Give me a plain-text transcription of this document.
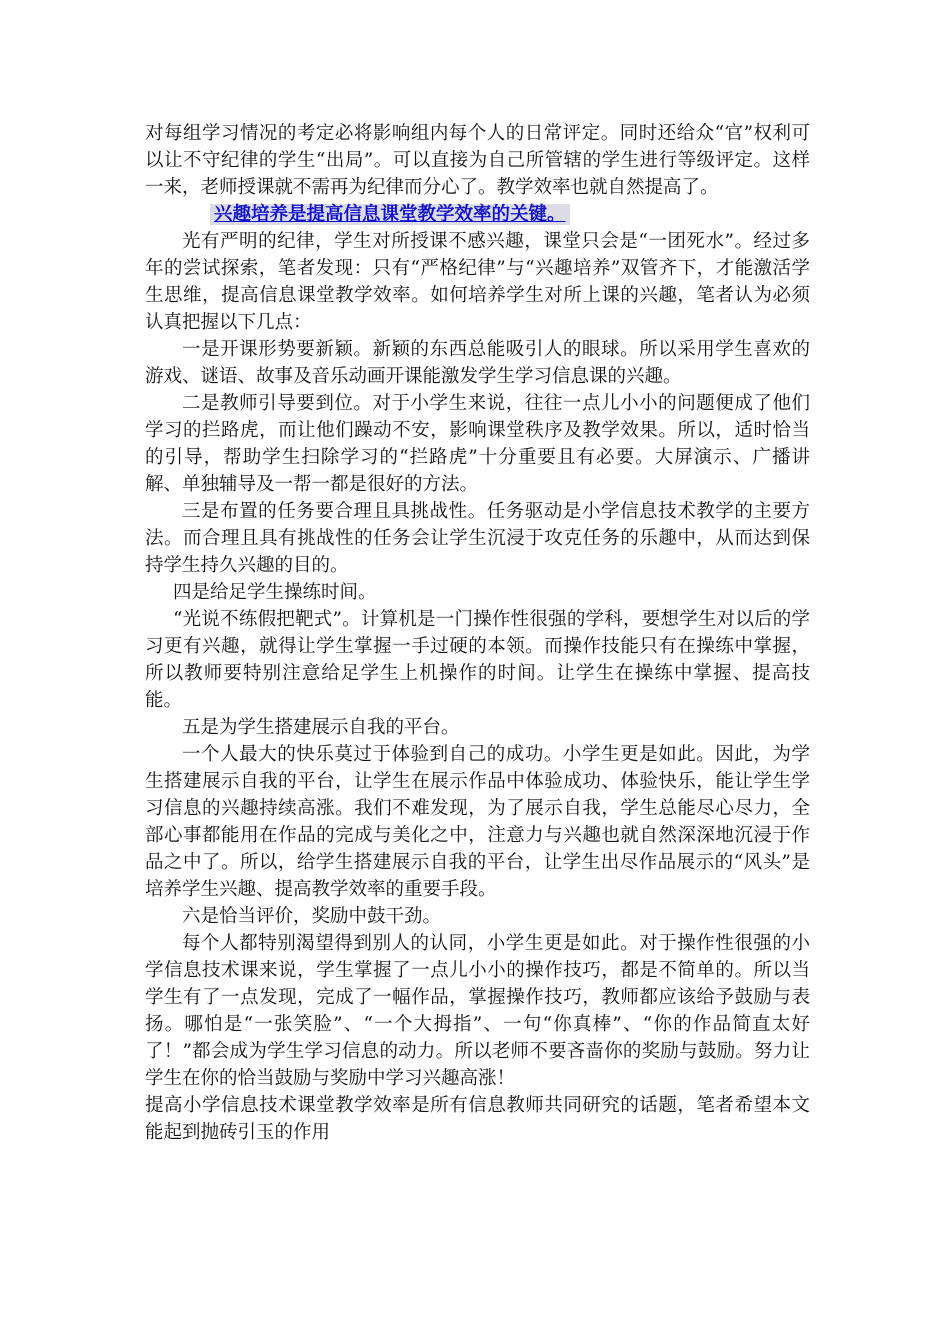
对每组学习情况的考定必将影响组内每个人的日常评定。同时还给众“官”权利可以让不守纪律的学生“出局”。可以直接为自己所管辖的学生进行等级评定。这样一来，老师授课就不需再为纪律而分心了。教学效率也就自然提高了。

兴趣培养是提高信息课堂教学效率的关键。

光有严明的纪律，学生对所授课不感兴趣，课堂只会是“一团死水”。经过多年的尝试探索，笔者发现：只有“严格纪律”与“兴趣培养”双管齐下，才能激活学生思维，提高信息课堂教学效率。如何培养学生对所上课的兴趣，笔者认为必须认真把握以下几点：

一是开课形势要新颖。新颖的东西总能吸引人的眼球。所以采用学生喜欢的游戏、谜语、故事及音乐动画开课能激发学生学习信息课的兴趣。

二是教师引导要到位。对于小学生来说，往往一点儿小小的问题便成了他们学习的拦路虎，而让他们躁动不安，影响课堂秩序及教学效果。所以，适时恰当的引导，帮助学生扫除学习的“拦路虎”十分重要且有必要。大屏演示、广播讲解、单独辅导及一帮一都是很好的方法。

三是布置的任务要合理且具挑战性。任务驱动是小学信息技术教学的主要方法。而合理且具有挑战性的任务会让学生沉浸于攻克任务的乐趣中，从而达到保持学生持久兴趣的目的。

四是给足学生操练时间。

“光说不练假把靶式”。计算机是一门操作性很强的学科，要想学生对以后的学习更有兴趣，就得让学生掌握一手过硬的本领。而操作技能只有在操练中掌握，所以教师要特别注意给足学生上机操作的时间。让学生在操练中掌握、提高技能。

五是为学生搭建展示自我的平台。

一个人最大的快乐莫过于体验到自己的成功。小学生更是如此。因此，为学生搭建展示自我的平台，让学生在展示作品中体验成功、体验快乐，能让学生学习信息的兴趣持续高涨。我们不难发现，为了展示自我，学生总能尽心尽力，全部心事都能用在作品的完成与美化之中，注意力与兴趣也就自然深深地沉浸于作品之中了。所以，给学生搭建展示自我的平台，让学生出尽作品展示的“风头”是培养学生兴趣、提高教学效率的重要手段。

六是恰当评价，奖励中鼓干劲。

每个人都特别渴望得到别人的认同，小学生更是如此。对于操作性很强的小学信息技术课来说，学生掌握了一点儿小小的操作技巧，都是不简单的。所以当学生有了一点发现，完成了一幅作品，掌握操作技巧，教师都应该给予鼓励与表扬。哪怕是“一张笑脸”、“一个大拇指”、一句“你真棒”、“你的作品简直太好了！”都会成为学生学习信息的动力。所以老师不要吝啬你的奖励与鼓励。努力让学生在你的恰当鼓励与奖励中学习兴趣高涨！

提高小学信息技术课堂教学效率是所有信息教师共同研究的话题，笔者希望本文能起到抛砖引玉的作用
